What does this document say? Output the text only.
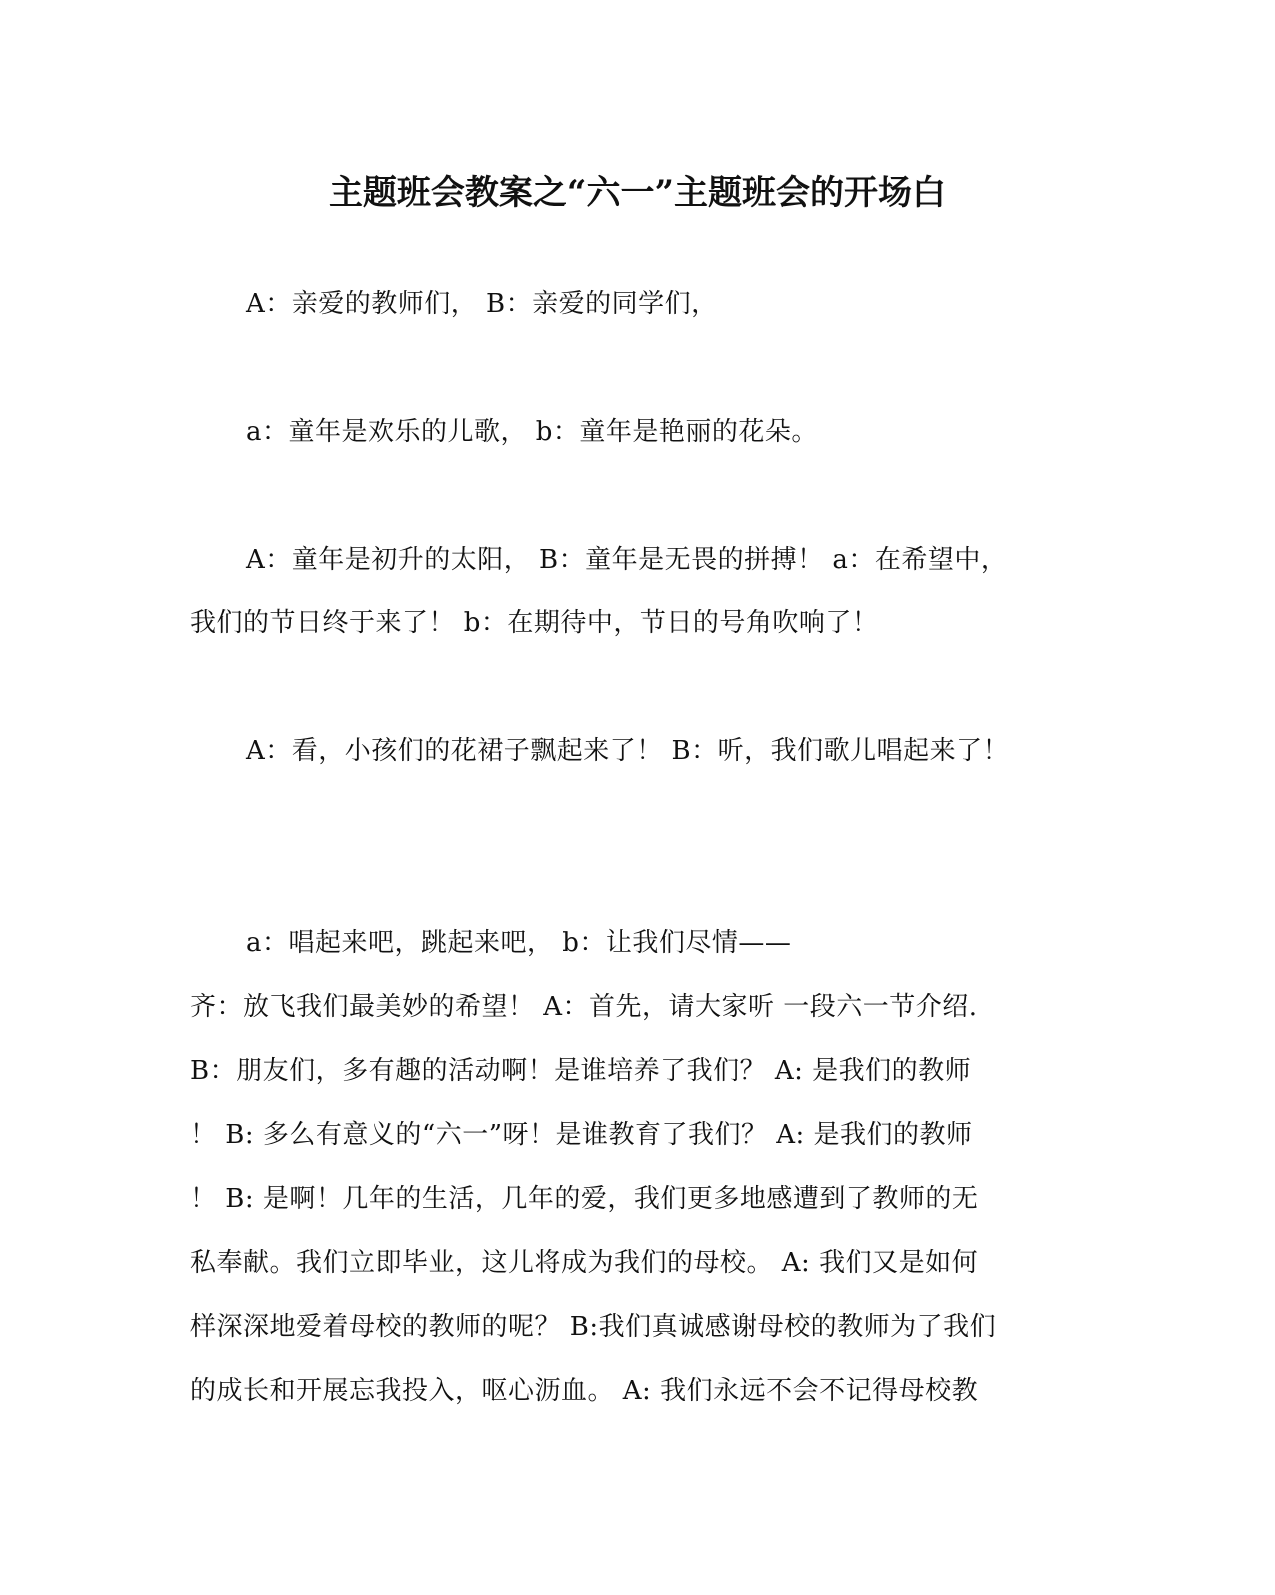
主题班会教案之“六一”主题班会的开场白
A：亲爱的教师们， B：亲爱的同学们，
a：童年是欢乐的儿歌， b：童年是艳丽的花朵。
A：童年是初升的太阳， B：童年是无畏的拼搏！ a：在希望中，
我们的节日终于来了！ b：在期待中，节日的号角吹响了！
A：看，小孩们的花裙子飘起来了！ B：听，我们歌儿唱起来了！
a：唱起来吧，跳起来吧， b：让我们尽情——
齐：放飞我们最美妙的希望！ A：首先，请大家听 一段六一节介绍.
B：朋友们，多有趣的活动啊！是谁培养了我们？ A: 是我们的教师
！ B: 多么有意义的“六一”呀！是谁教育了我们？ A: 是我们的教师
！ B: 是啊！几年的生活，几年的爱，我们更多地感遭到了教师的无
私奉献。我们立即毕业，这儿将成为我们的母校。 A: 我们又是如何
样深深地爱着母校的教师的呢？ B:我们真诚感谢母校的教师为了我们
的成长和开展忘我投入，呕心沥血。 A: 我们永远不会不记得母校教
